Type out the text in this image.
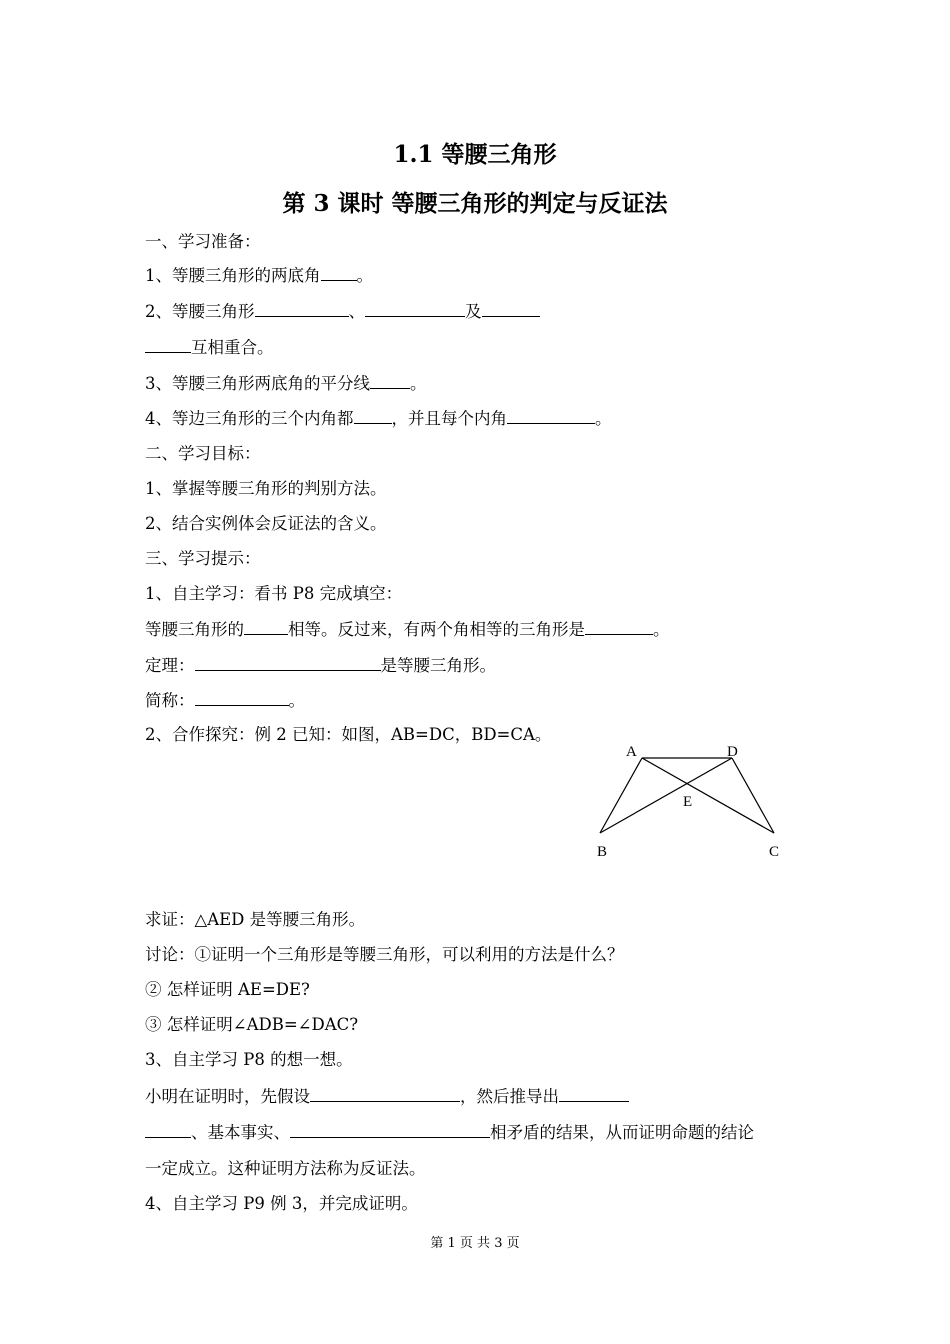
1.1 等腰三角形
第 3 课时 等腰三角形的判定与反证法
一、学习准备：
1、等腰三角形的两底角 。
2、等腰三角形	、	及
互相重合。
3、等腰三角形两底角的平分线 。
4、等边三角形的三个内角都 ，并且每个内角	。
二、学习目标：
1、掌握等腰三角形的判别方法。
2、结合实例体会反证法的含义。
三、学习提示：
1、自主学习：看书 P8 完成填空：
等腰三角形的	相等。反过来，有两个角相等的三角形是	。
定理：	是等腰三角形。
简称：	。
2、合作探究：例 2 已知：如图，AB=DC，BD=CA。
A	D
E
B	C
求证：△AED 是等腰三角形。
讨论：①证明一个三角形是等腰三角形，可以利用的方法是什么？
② 怎样证明 AE=DE?
③ 怎样证明∠ADB=∠DAC?
3、自主学习 P8 的想一想。
小明在证明时，先假设	，然后推导出
、基本事实、	相矛盾的结果，从而证明命题的结论
一定成立。这种证明方法称为反证法。
4、自主学习 P9 例 3，并完成证明。
第 1 页 共 3 页
